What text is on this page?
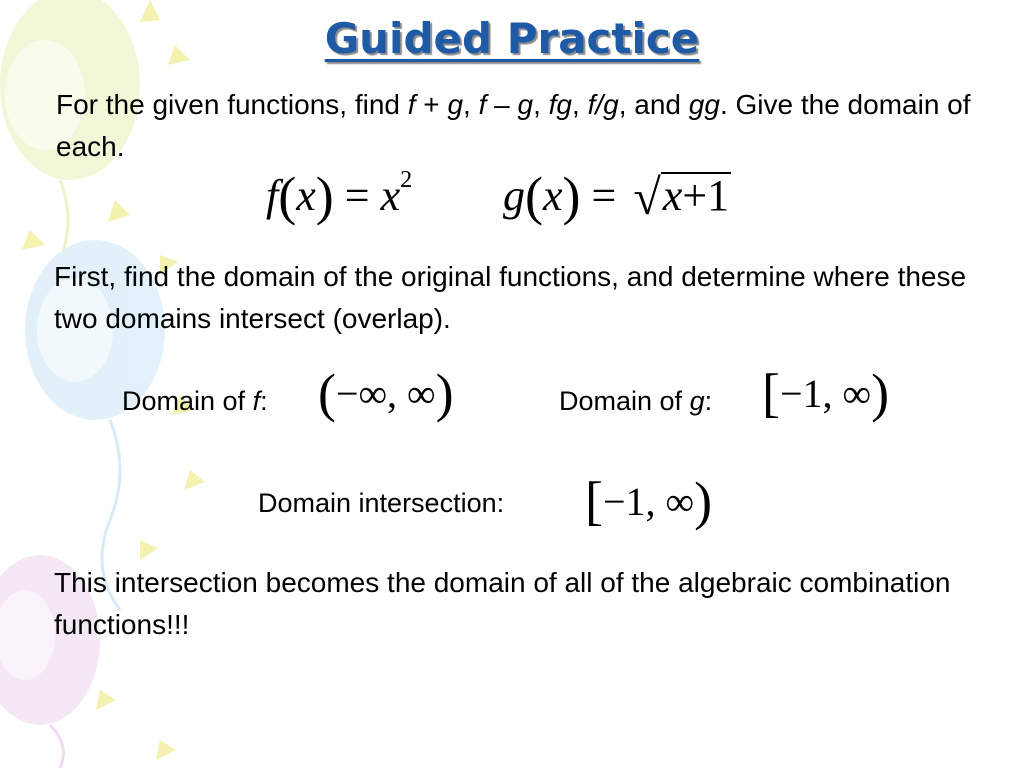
Guided Practice
For the given functions, find f + g, f – g, fg, f/g, and gg. Give the domain of each.
$f(x) = x^2$ g(x) = √x+1
First, find the domain of the original functions, and determine where these two domains intersect (overlap).
Domain of f: (−∞, ∞)	Domain of g: [−1, ∞)
Domain intersection: [−1, ∞)
This intersection becomes the domain of all of the algebraic combination functions!!!
